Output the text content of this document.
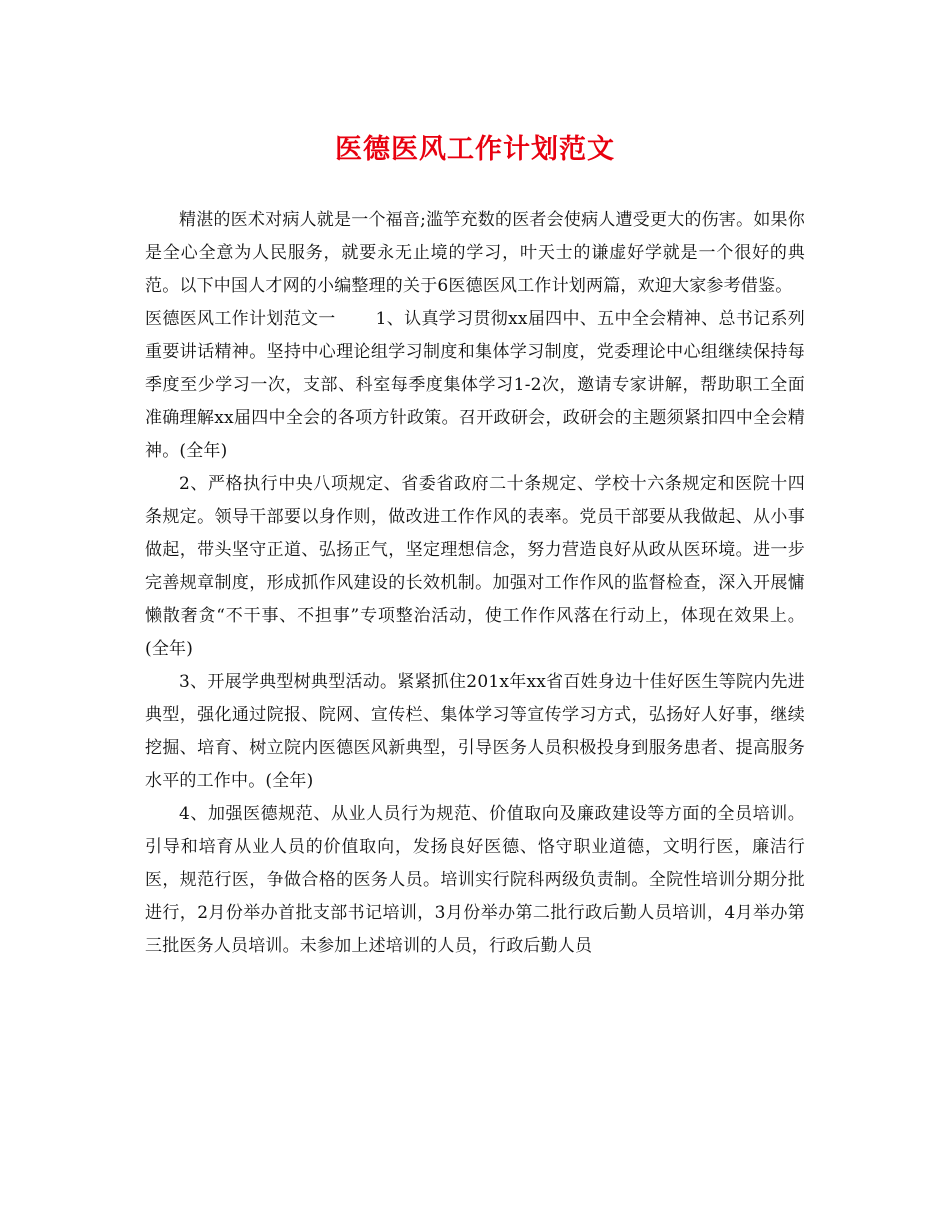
医德医风工作计划范文

精湛的医术对病人就是一个福音;滥竽充数的医者会使病人遭受更大的伤害。如果你是全心全意为人民服务，就要永无止境的学习，叶天士的谦虚好学就是一个很好的典范。以下中国人才网的小编整理的关于6医德医风工作计划两篇，欢迎大家参考借鉴。

医德医风工作计划范文一 1、认真学习贯彻xx届四中、五中全会精神、总书记系列重要讲话精神。坚持中心理论组学习制度和集体学习制度，党委理论中心组继续保持每季度至少学习一次，支部、科室每季度集体学习1-2次，邀请专家讲解，帮助职工全面准确理解xx届四中全会的各项方针政策。召开政研会，政研会的主题须紧扣四中全会精神。(全年)

2、严格执行中央八项规定、省委省政府二十条规定、学校十六条规定和医院十四条规定。领导干部要以身作则，做改进工作作风的表率。党员干部要从我做起、从小事做起，带头坚守正道、弘扬正气，坚定理想信念，努力营造良好从政从医环境。进一步完善规章制度，形成抓作风建设的长效机制。加强对工作作风的监督检查，深入开展慵懒散奢贪“不干事、不担事”专项整治活动，使工作作风落在行动上，体现在效果上。(全年)

3、开展学典型树典型活动。紧紧抓住201x年xx省百姓身边十佳好医生等院内先进典型，强化通过院报、院网、宣传栏、集体学习等宣传学习方式，弘扬好人好事，继续挖掘、培育、树立院内医德医风新典型，引导医务人员积极投身到服务患者、提高服务水平的工作中。(全年)

4、加强医德规范、从业人员行为规范、价值取向及廉政建设等方面的全员培训。引导和培育从业人员的价值取向，发扬良好医德、恪守职业道德，文明行医，廉洁行医，规范行医，争做合格的医务人员。培训实行院科两级负责制。全院性培训分期分批进行，2月份举办首批支部书记培训，3月份举办第二批行政后勤人员培训，4月举办第三批医务人员培训。未参加上述培训的人员，行政后勤人员
